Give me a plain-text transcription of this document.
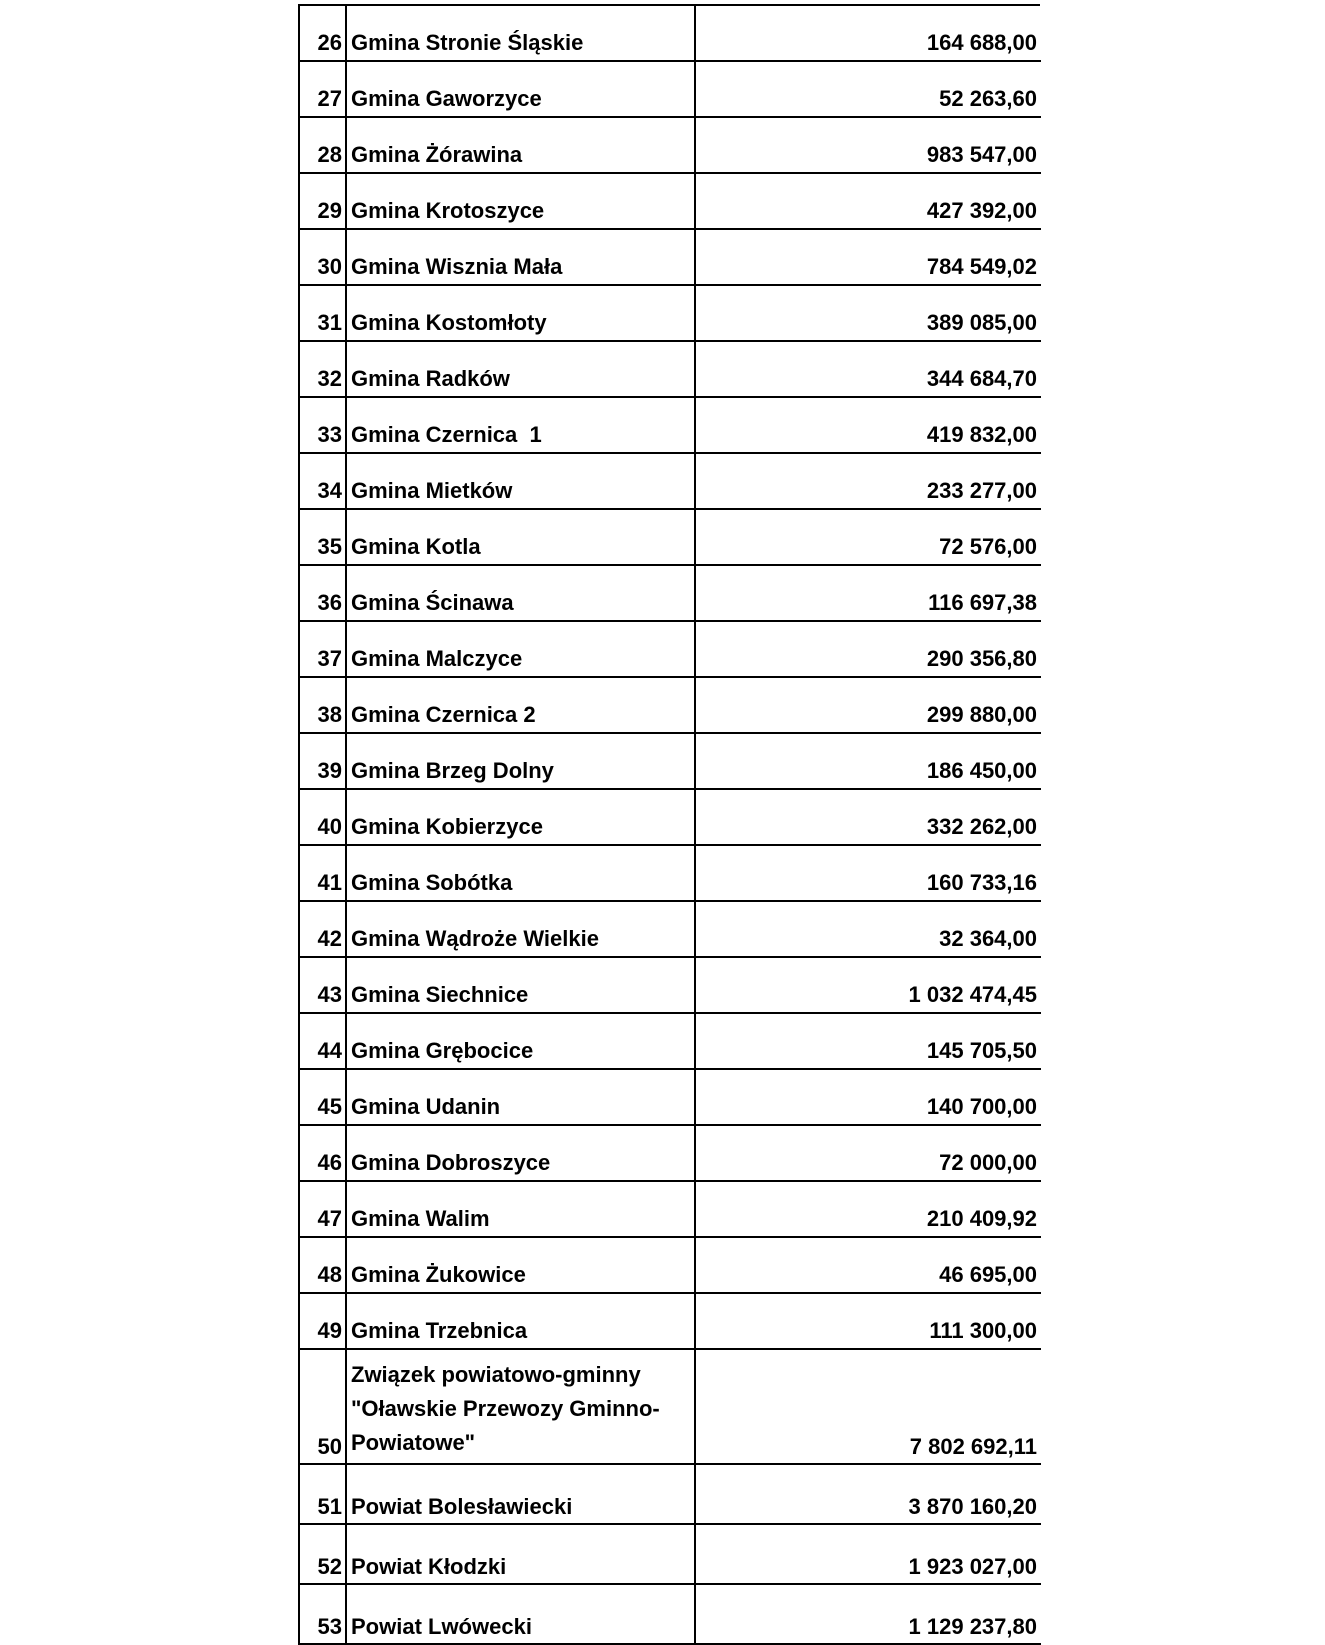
26	Gmina Stronie Śląskie	164 688,00
27	Gmina Gaworzyce	52 263,60
28	Gmina Żórawina	983 547,00
29	Gmina Krotoszyce	427 392,00
30	Gmina Wisznia Mała	784 549,02
31	Gmina Kostomłoty	389 085,00
32	Gmina Radków	344 684,70
33	Gmina Czernica  1	419 832,00
34	Gmina Mietków	233 277,00
35	Gmina Kotla	72 576,00
36	Gmina Ścinawa	116 697,38
37	Gmina Malczyce	290 356,80
38	Gmina Czernica 2	299 880,00
39	Gmina Brzeg Dolny	186 450,00
40	Gmina Kobierzyce	332 262,00
41	Gmina Sobótka	160 733,16
42	Gmina Wądroże Wielkie	32 364,00
43	Gmina Siechnice	1 032 474,45
44	Gmina Grębocice	145 705,50
45	Gmina Udanin	140 700,00
46	Gmina Dobroszyce	72 000,00
47	Gmina Walim	210 409,92
48	Gmina Żukowice	46 695,00
49	Gmina Trzebnica	111 300,00
50	Związek powiatowo-gminny "Oławskie Przewozy Gminno-Powiatowe"	7 802 692,11
51	Powiat Bolesławiecki	3 870 160,20
52	Powiat Kłodzki	1 923 027,00
53	Powiat Lwówecki	1 129 237,80
